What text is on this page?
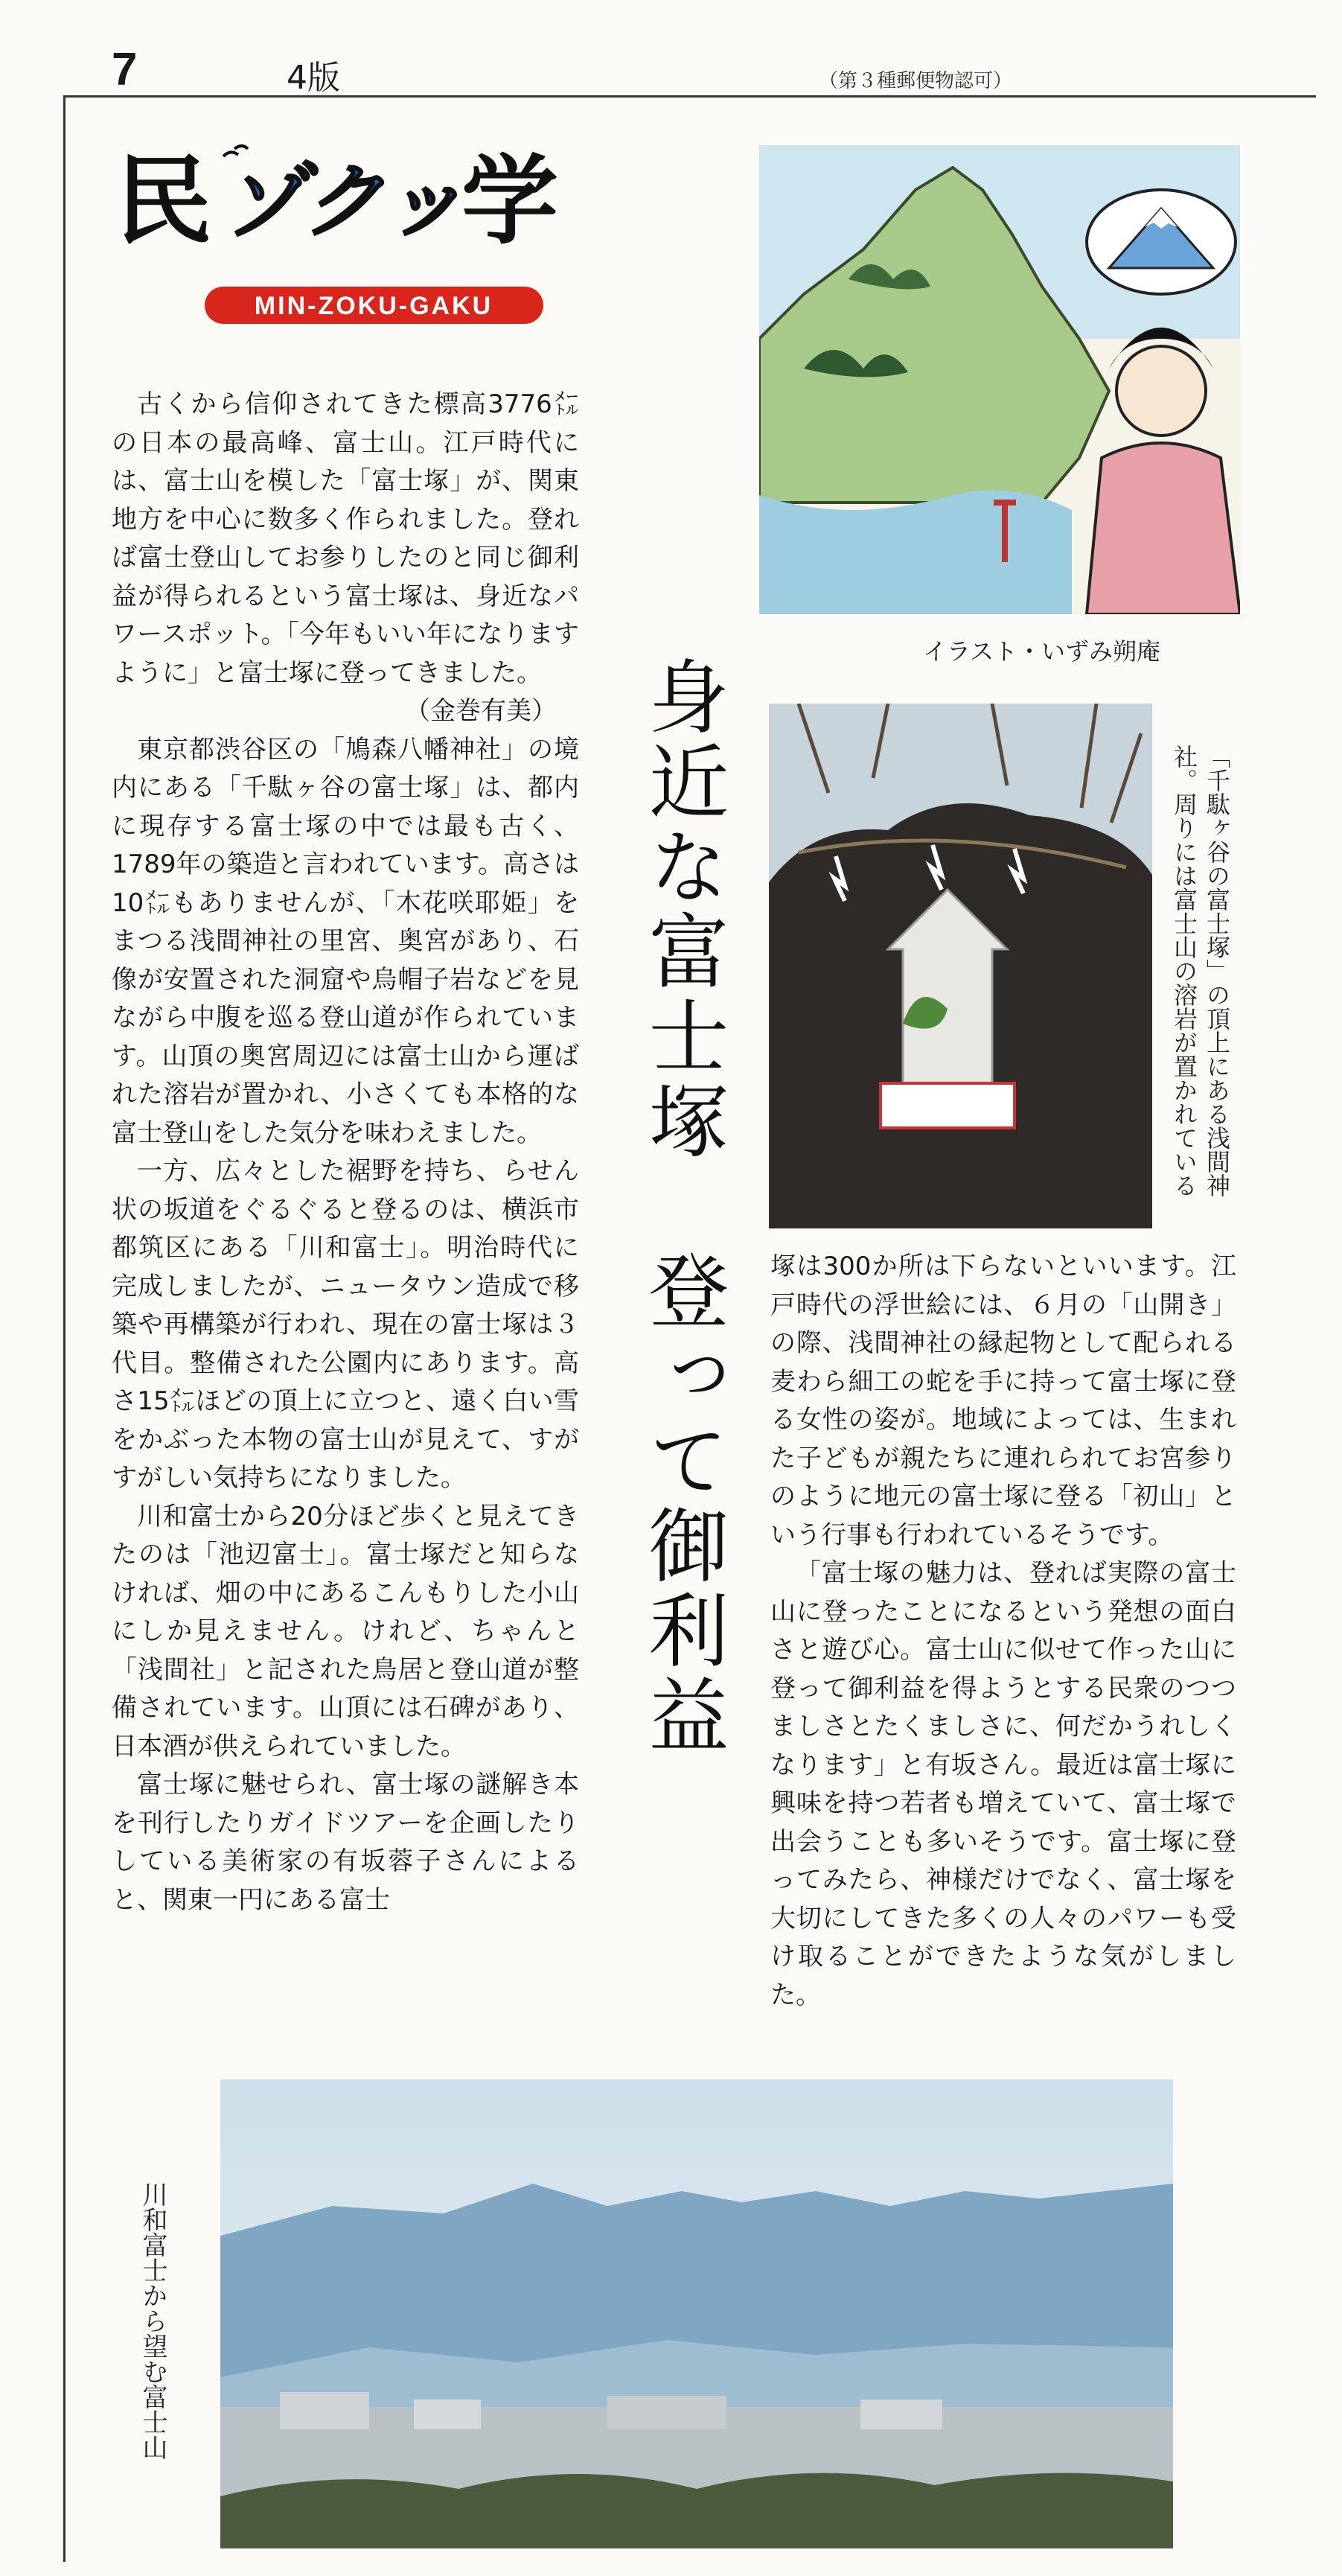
7	4版	（第３種郵便物認可）
民 ゾクッ
学
MIN-ZOKU-GAKU

古くから信仰されてきた標高3776㍍の日本の最高峰、富士山。江戸時代には、富士山を模した「富士塚」が、関東地方を中心に数多く作られました。登れば富士登山してお参りしたのと同じ御利益が得られるという富士塚は、身近なパワースポット。「今年もいい年になりますように」と富士塚に登ってきました。

（金巻有美）

東京都渋谷区の「鳩森八幡神社」の境内にある「千駄ヶ谷の富士塚」は、都内に現存する富士塚の中では最も古く、1789年の築造と言われています。高さは10㍍もありませんが、「木花咲耶姫」をまつる浅間神社の里宮、奥宮があり、石像が安置された洞窟や烏帽子岩などを見ながら中腹を巡る登山道が作られています。山頂の奥宮周辺には富士山から運ばれた溶岩が置かれ、小さくても本格的な富士登山をした気分を味わえました。

一方、広々とした裾野を持ち、らせん状の坂道をぐるぐると登るのは、横浜市都筑区にある「川和富士」。明治時代に完成しましたが、ニュータウン造成で移築や再構築が行われ、現在の富士塚は３代目。整備された公園内にあります。高さ15㍍ほどの頂上に立つと、遠く白い雪をかぶった本物の富士山が見えて、すがすがしい気持ちになりました。

川和富士から20分ほど歩くと見えてきたのは「池辺富士」。富士塚だと知らなければ、畑の中にあるこんもりした小山にしか見えません。けれど、ちゃんと「浅間社」と記された鳥居と登山道が整備されています。山頂には石碑があり、日本酒が供えられていました。

富士塚に魅せられ、富士塚の謎解き本を刊行したりガイドツアーを企画したりしている美術家の有坂蓉子さんによると、関東一円にある富士

身近な富士塚　登って御利益
イラスト・いずみ朔庵
「千駄ヶ谷の富士塚」の頂上にある浅間神社。周りには富士山の溶岩が置かれている

塚は300か所は下らないといいます。江戸時代の浮世絵には、６月の「山開き」の際、浅間神社の縁起物として配られる麦わら細工の蛇を手に持って富士塚に登る女性の姿が。地域によっては、生まれた子どもが親たちに連れられてお宮参りのように地元の富士塚に登る「初山」という行事も行われているそうです。

「富士塚の魅力は、登れば実際の富士山に登ったことになるという発想の面白さと遊び心。富士山に似せて作った山に登って御利益を得ようとする民衆のつつましさとたくましさに、何だかうれしくなります」と有坂さん。最近は富士塚に興味を持つ若者も増えていて、富士塚で出会うことも多いそうです。富士塚に登ってみたら、神様だけでなく、富士塚を大切にしてきた多くの人々のパワーも受け取ることができたような気がしました。

川和富士から望む富士山
